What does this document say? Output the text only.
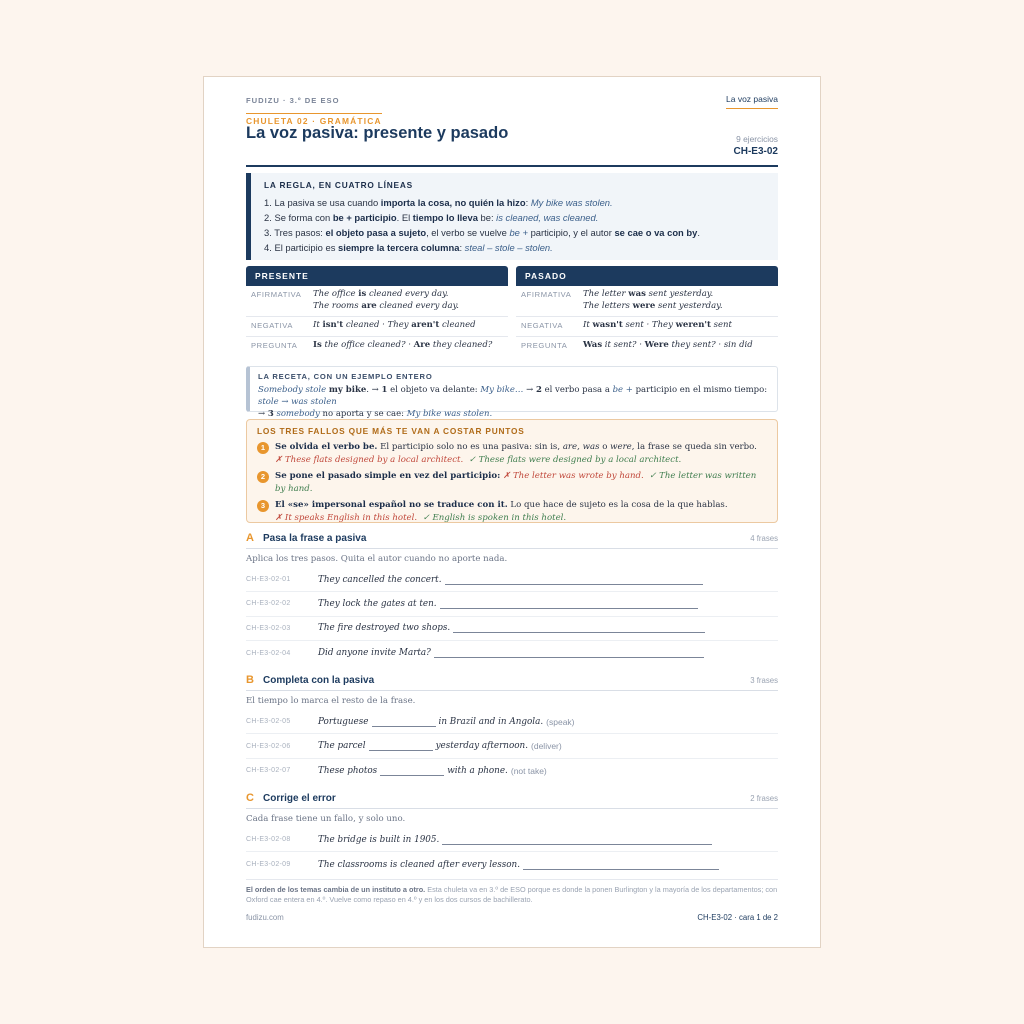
FUDIZU · 3.º DE ESO	La voz pasiva
CHULETA 02 · GRAMÁTICA
La voz pasiva: presente y pasado	9 ejercicios
CH-E3-02
LA REGLA, EN CUATRO LÍNEAS
1. La pasiva se usa cuando importa la cosa, no quién la hizo: My bike was stolen.
2. Se forma con be + participio. El tiempo lo lleva be: is cleaned, was cleaned.
3. Tres pasos: el objeto pasa a sujeto, el verbo se vuelve be + participio, y el autor se cae o va con by.
4. El participio es siempre la tercera columna: steal – stole – stolen.
PRESENTE
AFIRMATIVA	The office is cleaned every day.
The rooms are cleaned every day.
NEGATIVA	It isn't cleaned · They aren't cleaned
PREGUNTA	Is the office cleaned? · Are they cleaned?
PASADO
AFIRMATIVA	The letter was sent yesterday.
The letters were sent yesterday.
NEGATIVA	It wasn't sent · They weren't sent
PREGUNTA	Was it sent? · Were they sent? · sin did
LA RECETA, CON UN EJEMPLO ENTERO

Somebody stole my bike. → 1 el objeto va delante: My bike… → 2 el verbo pasa a be + participio en el mismo tiempo: stole → was stolen
→ 3 somebody no aporta y se cae: My bike was stolen.

LOS TRES FALLOS QUE MÁS TE VAN A COSTAR PUNTOS
1	Se olvida el verbo be. El participio solo no es una pasiva: sin is, are, was o were, la frase se queda sin verbo.
✗ These flats designed by a local architect. ✓ These flats were designed by a local architect.
2	Se pone el pasado simple en vez del participio: ✗ The letter was wrote by hand. ✓ The letter was written by hand.
3	El «se» impersonal español no se traduce con it. Lo que hace de sujeto es la cosa de la que hablas.
✗ It speaks English in this hotel. ✓ English is spoken in this hotel.
A Pasa la frase a pasiva	4 frases
Aplica los tres pasos. Quita el autor cuando no aporte nada.
CH-E3-02-01	They cancelled the concert.
CH-E3-02-02	They lock the gates at ten.
CH-E3-02-03	The fire destroyed two shops.
CH-E3-02-04	Did anyone invite Marta?
B Completa con la pasiva	3 frases
El tiempo lo marca el resto de la frase.
CH-E3-02-05	Portuguese	in Brazil and in Angola. (speak)
CH-E3-02-06	The parcel	yesterday afternoon. (deliver)
CH-E3-02-07	These photos	with a phone. (not take)
C Corrige el error	2 frases
Cada frase tiene un fallo, y solo uno.
CH-E3-02-08	The bridge is built in 1905.
CH-E3-02-09	The classrooms is cleaned after every lesson.
El orden de los temas cambia de un instituto a otro. Esta chuleta va en 3.º de ESO porque es donde la ponen Burlington y la mayoría de los departamentos; con Oxford cae entera en 4.º. Vuelve como repaso en 4.º y en los dos cursos de bachillerato.
fudizu.com	CH-E3-02 · cara 1 de 2
